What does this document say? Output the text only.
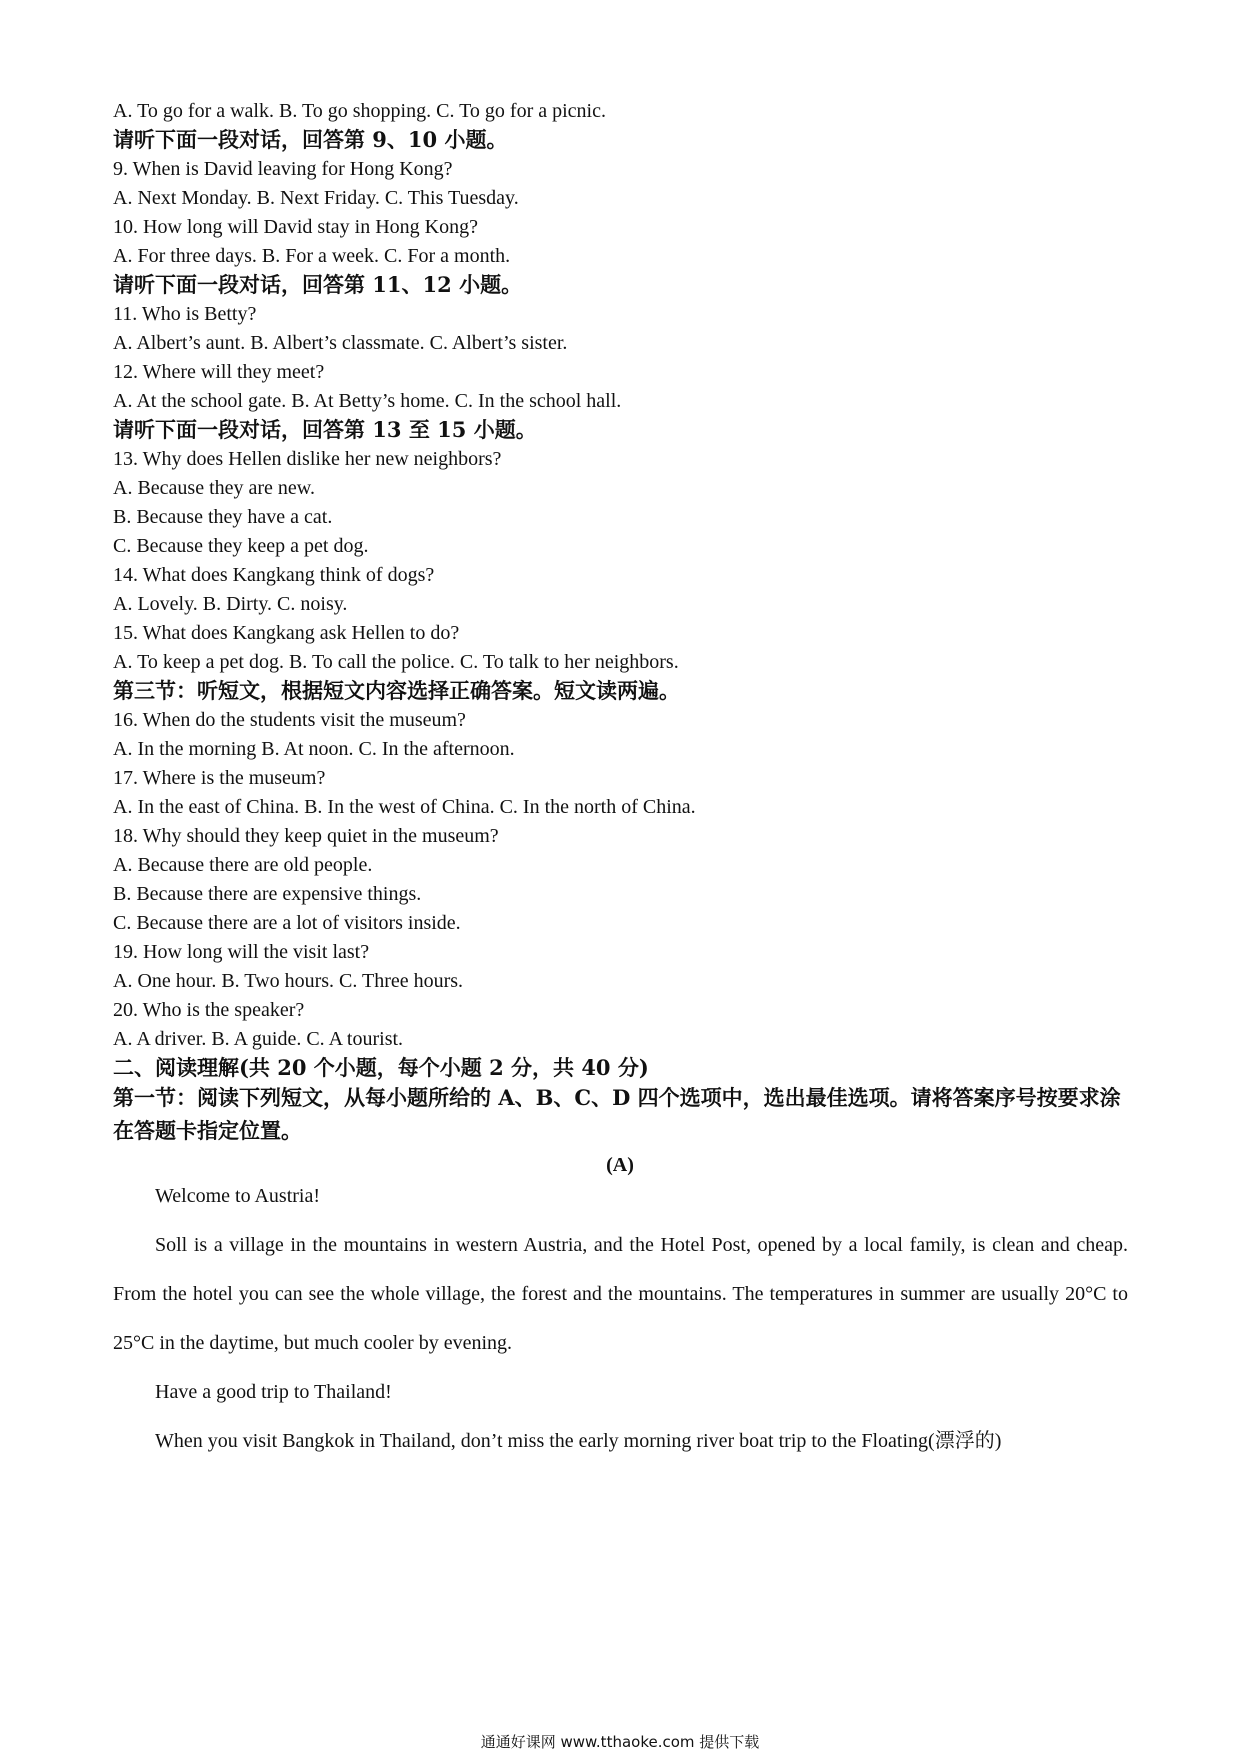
A. To go for a walk. B. To go shopping. C. To go for a picnic.
请听下面一段对话，回答第 9、10 小题。
9. When is David leaving for Hong Kong?
A. Next Monday. B. Next Friday. C. This Tuesday.
10. How long will David stay in Hong Kong?
A. For three days. B. For a week. C. For a month.
请听下面一段对话，回答第 11、12 小题。
11. Who is Betty?
A. Albert’s aunt. B. Albert’s classmate. C. Albert’s sister.
12. Where will they meet?
A. At the school gate. B. At Betty’s home. C. In the school hall.
请听下面一段对话，回答第 13 至 15 小题。
13. Why does Hellen dislike her new neighbors?
A. Because they are new.
B. Because they have a cat.
C. Because they keep a pet dog.
14. What does Kangkang think of dogs?
A. Lovely. B. Dirty. C. noisy.
15. What does Kangkang ask Hellen to do?
A. To keep a pet dog. B. To call the police. C. To talk to her neighbors.
第三节：听短文，根据短文内容选择正确答案。短文读两遍。
16. When do the students visit the museum?
A. In the morning B. At noon. C. In the afternoon.
17. Where is the museum?
A. In the east of China. B. In the west of China. C. In the north of China.
18. Why should they keep quiet in the museum?
A. Because there are old people.
B. Because there are expensive things.
C. Because there are a lot of visitors inside.
19. How long will the visit last?
A. One hour. B. Two hours. C. Three hours.
20. Who is the speaker?
A. A driver. B. A guide. C. A tourist.
二、阅读理解(共 20 个小题，每个小题 2 分，共 40 分)
第一节：阅读下列短文，从每小题所给的 A、B、C、D 四个选项中，选出最佳选项。请将答案序号按要求涂在答题卡指定位置。
(A)

Welcome to Austria!

Soll is a village in the mountains in western Austria, and the Hotel Post, opened by a local family, is clean and cheap. From the hotel you can see the whole village, the forest and the mountains. The temperatures in summer are usually 20°C to 25°C in the daytime, but much cooler by evening.

Have a good trip to Thailand!

When you visit Bangkok in Thailand, don’t miss the early morning river boat trip to the Floating(漂浮的)

通通好课网 www.tthaoke.com 提供下载
